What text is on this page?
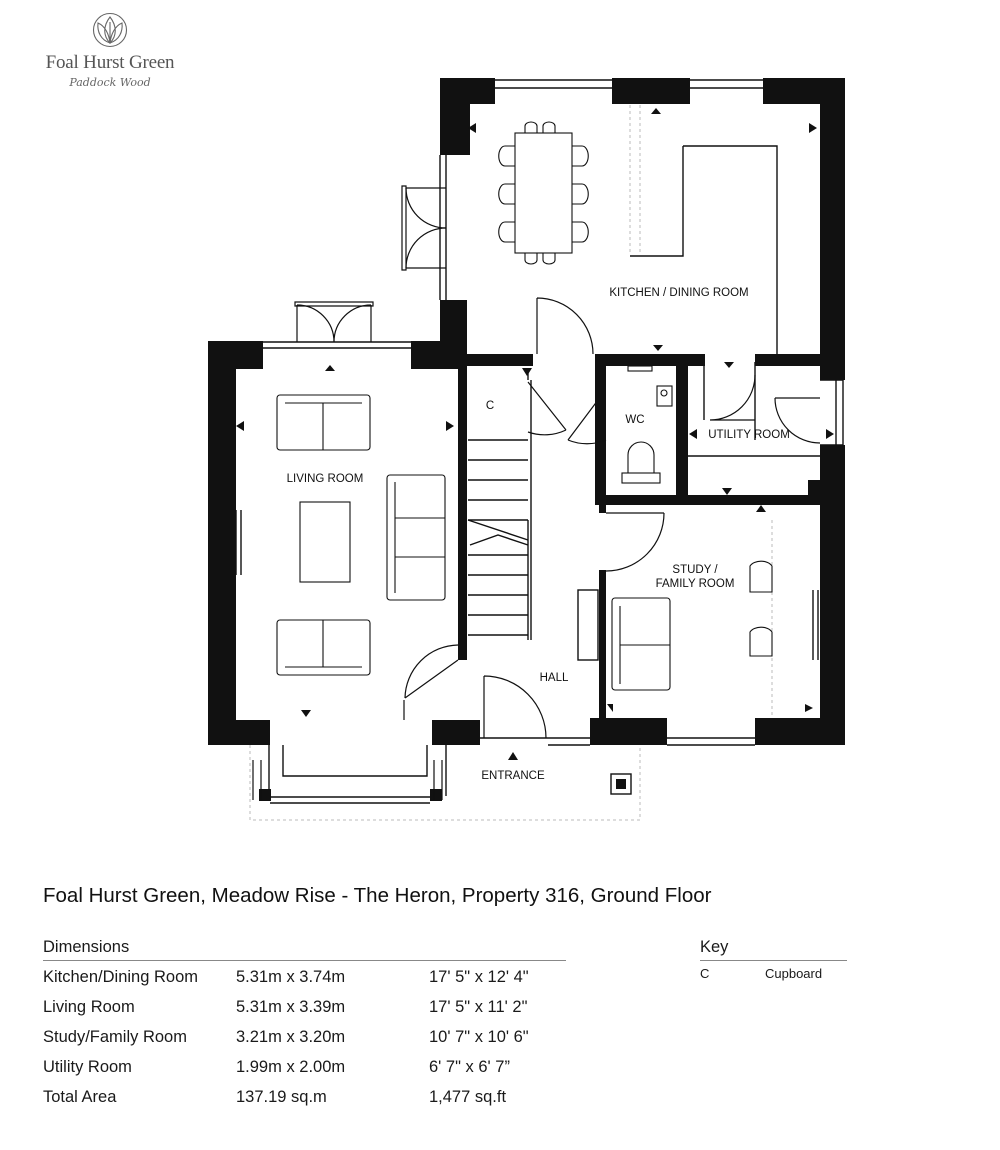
Foal Hurst Green
Paddock Wood
KITCHEN / DINING ROOM
LIVING ROOM
C
WC
UTILITY ROOM
STUDY / FAMILY ROOM
HALL
ENTRANCE
Foal Hurst Green, Meadow Rise - The Heron, Property 316, Ground Floor
Dimensions
Kitchen/Dining Room 5.31m x 3.74m	17' 5" x 12' 4"
Living Room	5.31m x 3.39m	17' 5" x 11' 2"
Study/Family Room	3.21m x 3.20m	10' 7" x 10' 6"
Utility Room	1.99m x 2.00m	6' 7" x 6' 7”
Total Area	137.19 sq.m	1,477 sq.ft
Key
C	Cupboard
